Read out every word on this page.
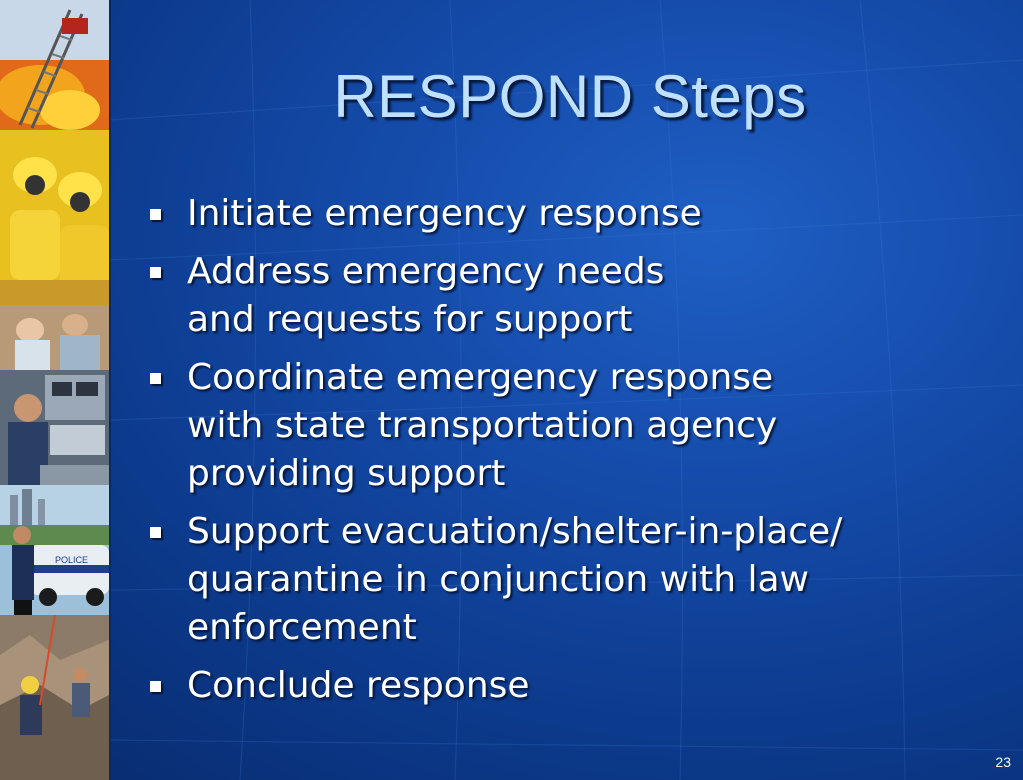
POLICE
RESPOND Steps
Initiate emergency response
Address emergency needs
and requests for support
Coordinate emergency response
with state transportation agency
providing support
Support evacuation/shelter-in-place/
quarantine in conjunction with law
enforcement
Conclude response
23
